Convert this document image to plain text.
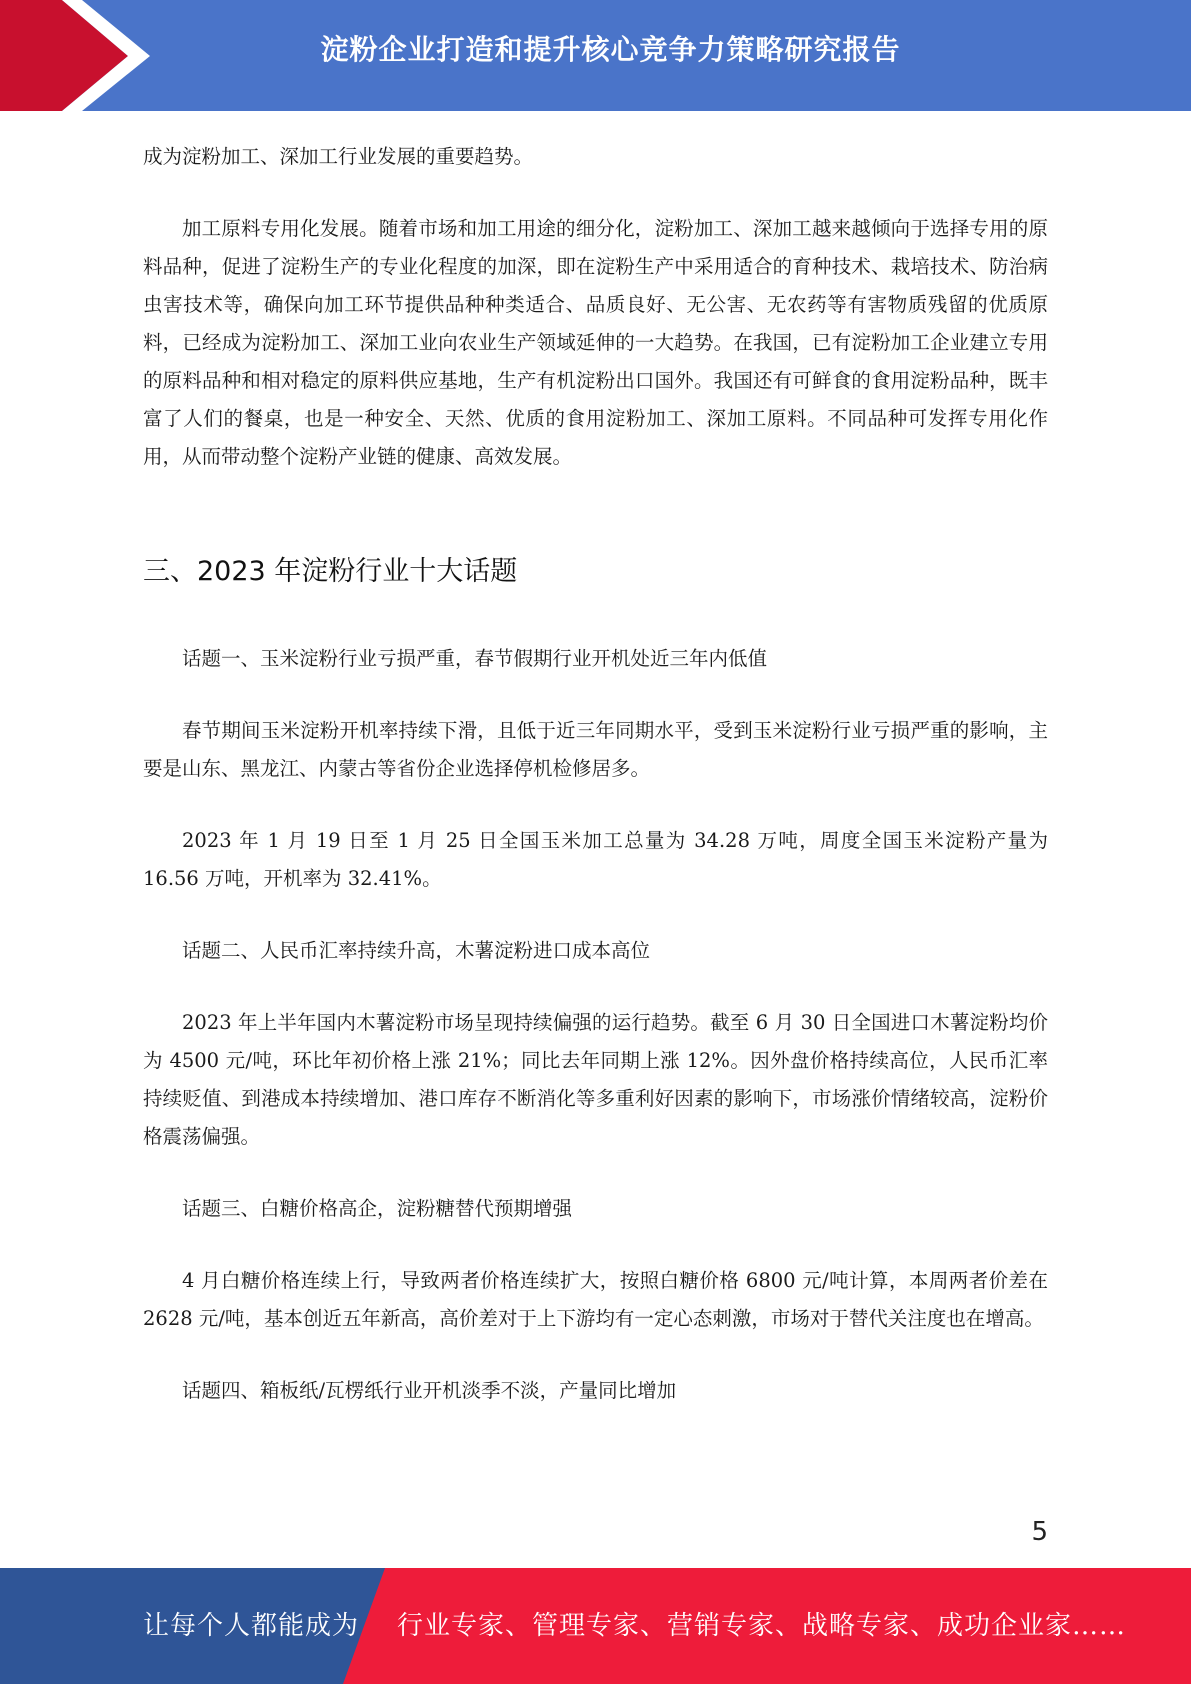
淀粉企业打造和提升核心竞争力策略研究报告

成为淀粉加工、深加工行业发展的重要趋势。

加工原料专用化发展。随着市场和加工用途的细分化，淀粉加工、深加工越来越倾向于选择专用的原料品种，促进了淀粉生产的专业化程度的加深，即在淀粉生产中采用适合的育种技术、栽培技术、防治病虫害技术等，确保向加工环节提供品种种类适合、品质良好、无公害、无农药等有害物质残留的优质原料，已经成为淀粉加工、深加工业向农业生产领域延伸的一大趋势。在我国，已有淀粉加工企业建立专用的原料品种和相对稳定的原料供应基地，生产有机淀粉出口国外。我国还有可鲜食的食用淀粉品种，既丰富了人们的餐桌，也是一种安全、天然、优质的食用淀粉加工、深加工原料。不同品种可发挥专用化作用，从而带动整个淀粉产业链的健康、高效发展。

三、2023 年淀粉行业十大话题

话题一、玉米淀粉行业亏损严重，春节假期行业开机处近三年内低值

春节期间玉米淀粉开机率持续下滑，且低于近三年同期水平，受到玉米淀粉行业亏损严重的影响，主要是山东、黑龙江、内蒙古等省份企业选择停机检修居多。

2023 年 1 月 19 日至 1 月 25 日全国玉米加工总量为 34.28 万吨，周度全国玉米淀粉产量为16.56 万吨，开机率为 32.41%。

话题二、人民币汇率持续升高，木薯淀粉进口成本高位

2023 年上半年国内木薯淀粉市场呈现持续偏强的运行趋势。截至 6 月 30 日全国进口木薯淀粉均价为 4500 元/吨，环比年初价格上涨 21%；同比去年同期上涨 12%。因外盘价格持续高位，人民币汇率持续贬值、到港成本持续增加、港口库存不断消化等多重利好因素的影响下，市场涨价情绪较高，淀粉价格震荡偏强。

话题三、白糖价格高企，淀粉糖替代预期增强

4 月白糖价格连续上行，导致两者价格连续扩大，按照白糖价格 6800 元/吨计算，本周两者价差在 2628 元/吨，基本创近五年新高，高价差对于上下游均有一定心态刺激，市场对于替代关注度也在增高。

话题四、箱板纸/瓦楞纸行业开机淡季不淡，产量同比增加

5
让每个人都能成为 行业专家、管理专家、营销专家、战略专家、成功企业家……
